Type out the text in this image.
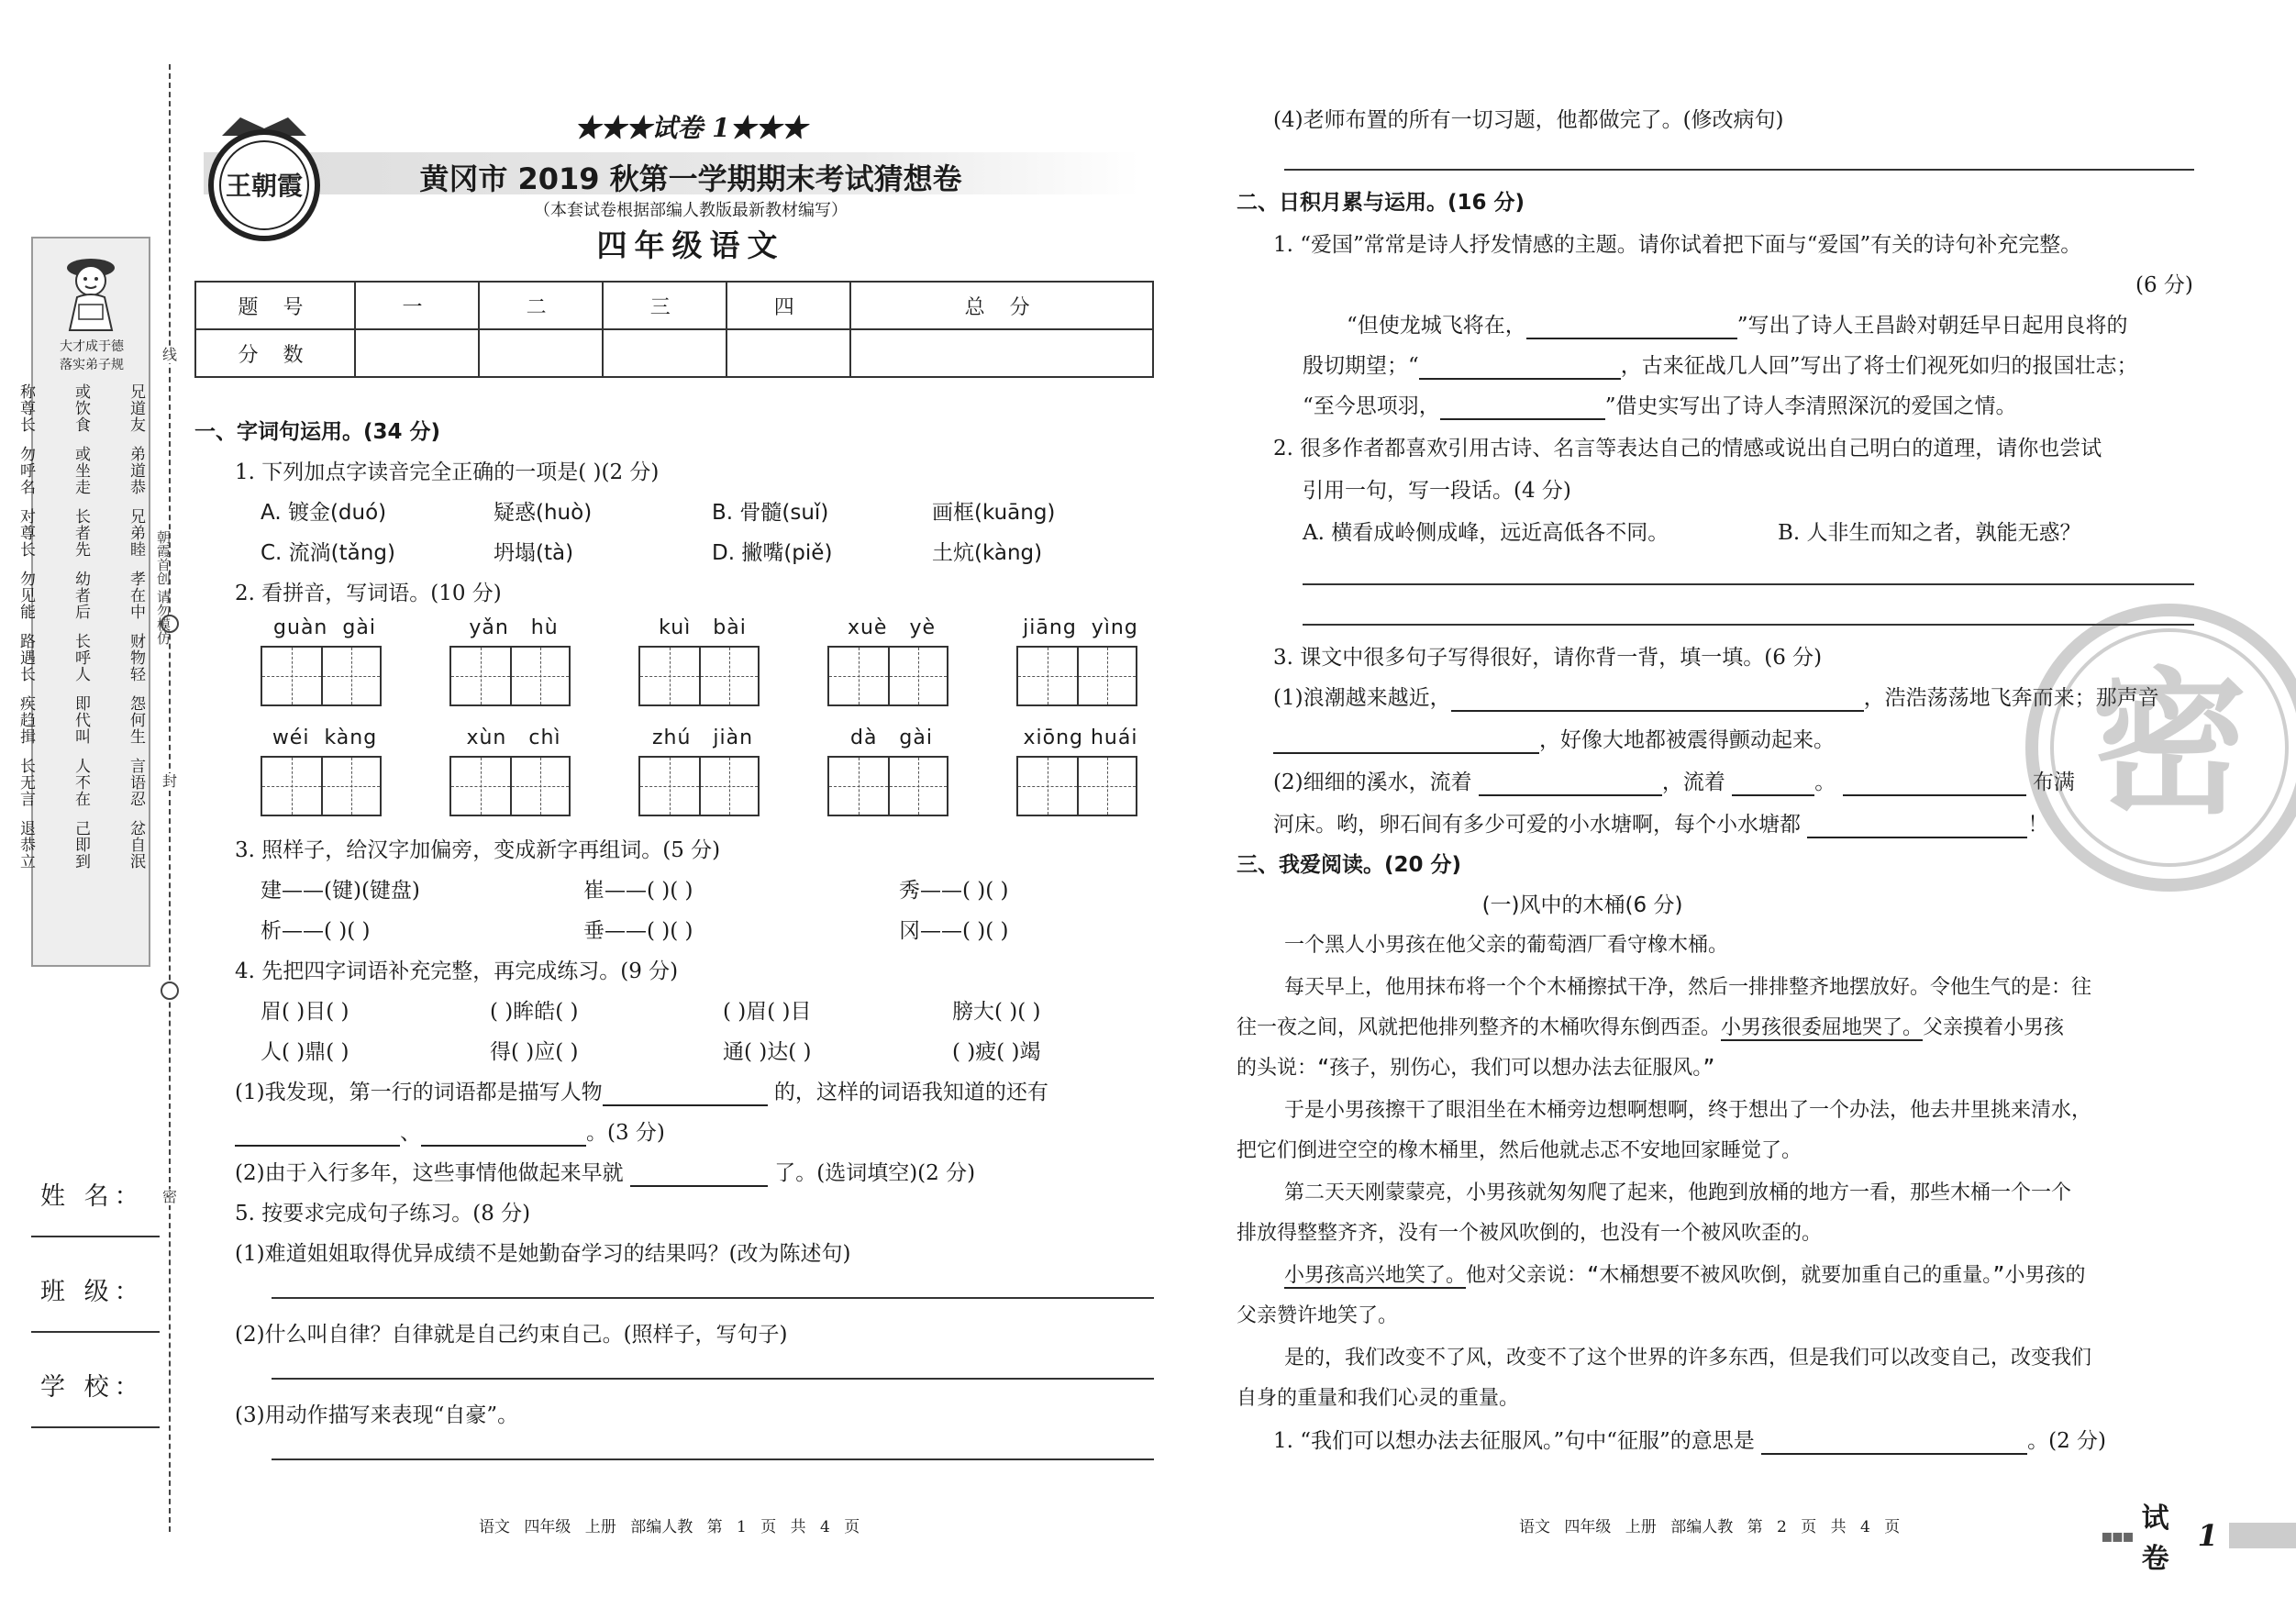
线
封
密
朝霞首创 请勿模仿
大才成于德
落实弟子规
兄道友
弟道恭
兄弟睦
孝在中
财物轻
怨何生
言语忍
忿自泯
或饮食
或坐走
长者先
幼者后
长呼人
即代叫
人不在
己即到
称尊长
勿呼名
对尊长
勿见能
路遇长
疾趋揖
长无言
退恭立
姓 名：
班 级：
学 校：
王朝霞
★★★试卷 1★★★
黄冈市 2019 秋第一学期期末考试猜想卷
（本套试卷根据部编人教版最新教材编写）
四年级语文
题 号	一	二	三	四	总 分
分 数					
一、字词句运用。(34 分)
1. 下列加点字读音完全正确的一项是( )(2 分)
A. 镀金(duó)	疑惑(huò)	B. 骨髓(suǐ)	画框(kuāng)
C. 流淌(tǎng)	坍塌(tà)	D. 撇嘴(piě)	土炕(kàng)
2. 看拼音，写词语。(10 分)
3. 照样子，给汉字加偏旁，变成新字再组词。(5 分)
建——(键)(键盘)	崔——( )( )	秀——( )( )
析——( )( )	垂——( )( )	冈——( )( )
4. 先把四字词语补充完整，再完成练习。(9 分)
眉( )目( )	( )眸皓( )	( )眉( )目	膀大( )( )
人( )鼎( )	得( )应( )	通( )达( )	( )疲( )竭
(1)我发现，第一行的词语都是描写人物	的，这样的词语我知道的还有
、	。(3 分)
(2)由于入行多年，这些事情他做起来早就	了。(选词填空)(2 分)
5. 按要求完成句子练习。(8 分)
(1)难道姐姐取得优异成绩不是她勤奋学习的结果吗？(改为陈述句)
(2)什么叫自律？自律就是自己约束自己。(照样子，写句子)
(3)用动作描写来表现“自豪”。
语文 四年级 上册 部编人教 第 1 页 共 4 页
(4)老师布置的所有一切习题，他都做完了。(修改病句)
二、日积月累与运用。(16 分)
1. “爱国”常常是诗人抒发情感的主题。请你试着把下面与“爱国”有关的诗句补充完整。
(6 分)
“但使龙城飞将在，	”写出了诗人王昌龄对朝廷早日起用良将的
殷切期望；“	，古来征战几人回”写出了将士们视死如归的报国壮志；
“至今思项羽，	”借史实写出了诗人李清照深沉的爱国之情。
2. 很多作者都喜欢引用古诗、名言等表达自己的情感或说出自己明白的道理，请你也尝试
引用一句，写一段话。(4 分)
A. 横看成岭侧成峰，远近高低各不同。	B. 人非生而知之者，孰能无惑？
3. 课文中很多句子写得很好，请你背一背，填一填。(6 分)
(1)浪潮越来越近，	，浩浩荡荡地飞奔而来；那声音
，好像大地都被震得颤动起来。
(2)细细的溪水，流着	，流着	。	布满
河床。哟，卵石间有多少可爱的小水塘啊，每个小水塘都	！
三、我爱阅读。(20 分)
(一)风中的木桶(6 分)
一个黑人小男孩在他父亲的葡萄酒厂看守橡木桶。
每天早上，他用抹布将一个个木桶擦拭干净，然后一排排整齐地摆放好。令他生气的是：往
往一夜之间，风就把他排列整齐的木桶吹得东倒西歪。小男孩很委屈地哭了。父亲摸着小男孩
的头说：“孩子，别伤心，我们可以想办法去征服风。”
于是小男孩擦干了眼泪坐在木桶旁边想啊想啊，终于想出了一个办法，他去井里挑来清水，
把它们倒进空空的橡木桶里，然后他就忐忑不安地回家睡觉了。
第二天天刚蒙蒙亮，小男孩就匆匆爬了起来，他跑到放桶的地方一看，那些木桶一个一个
排放得整整齐齐，没有一个被风吹倒的，也没有一个被风吹歪的。
小男孩高兴地笑了。他对父亲说：“木桶想要不被风吹倒，就要加重自己的重量。”小男孩的
父亲赞许地笑了。
是的，我们改变不了风，改变不了这个世界的许多东西，但是我们可以改变自己，改变我们
自身的重量和我们心灵的重量。
1. “我们可以想办法去征服风。”句中“征服”的意思是	。(2 分)
语文 四年级 上册 部编人教 第 2 页 共 4 页	▪▪▪
试卷
1
密
guàn  gài	yǎn   hù	kuì   bài	xuè   yè	jiāng  yìng
wéi  kàng	xùn   chì	zhú   jiàn	dà   gài	xiōng huái
